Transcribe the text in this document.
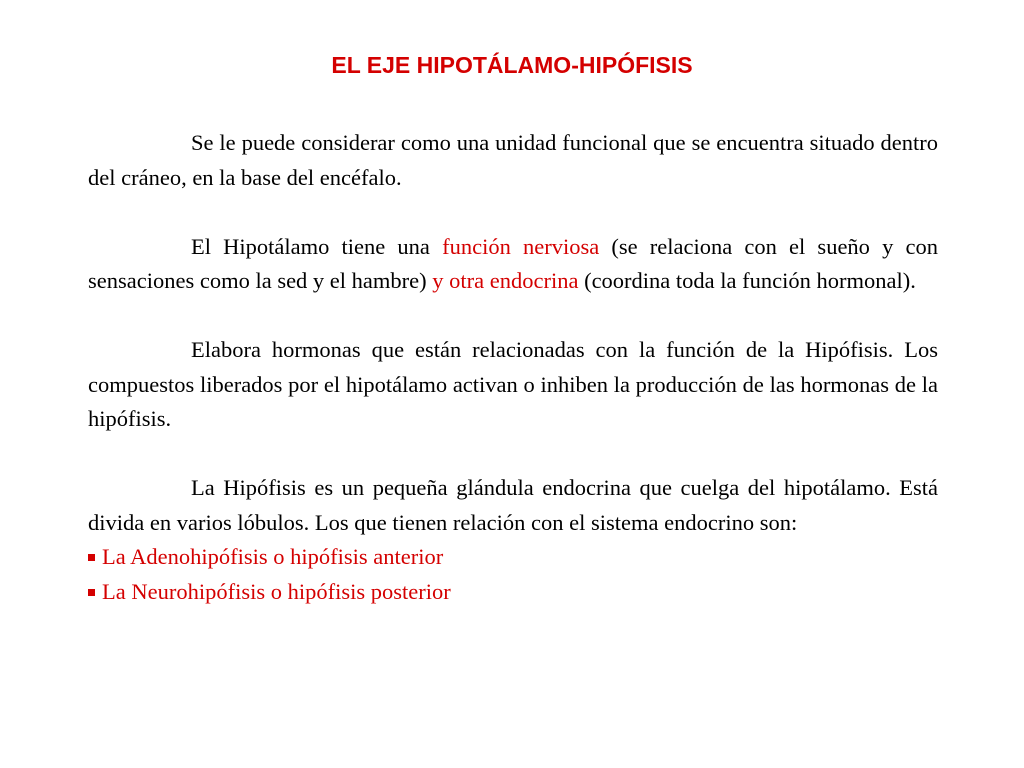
EL EJE HIPOTÁLAMO-HIPÓFISIS

Se le puede considerar como una unidad funcional que se encuentra situado dentro del cráneo, en la base del encéfalo.

El Hipotálamo tiene una función nerviosa (se relaciona con el sueño y con sensaciones como la sed y el hambre) y otra endocrina (coordina toda la función hormonal).

Elabora hormonas que están relacionadas con la función de la Hipófisis. Los compuestos liberados por el hipotálamo activan o inhiben la producción de las hormonas de la hipófisis.

La Hipófisis es un pequeña glándula endocrina que cuelga del hipotálamo. Está divida en varios lóbulos. Los que tienen relación con el sistema endocrino son:

La Adenohipófisis o hipófisis anterior
La Neurohipófisis o hipófisis posterior
